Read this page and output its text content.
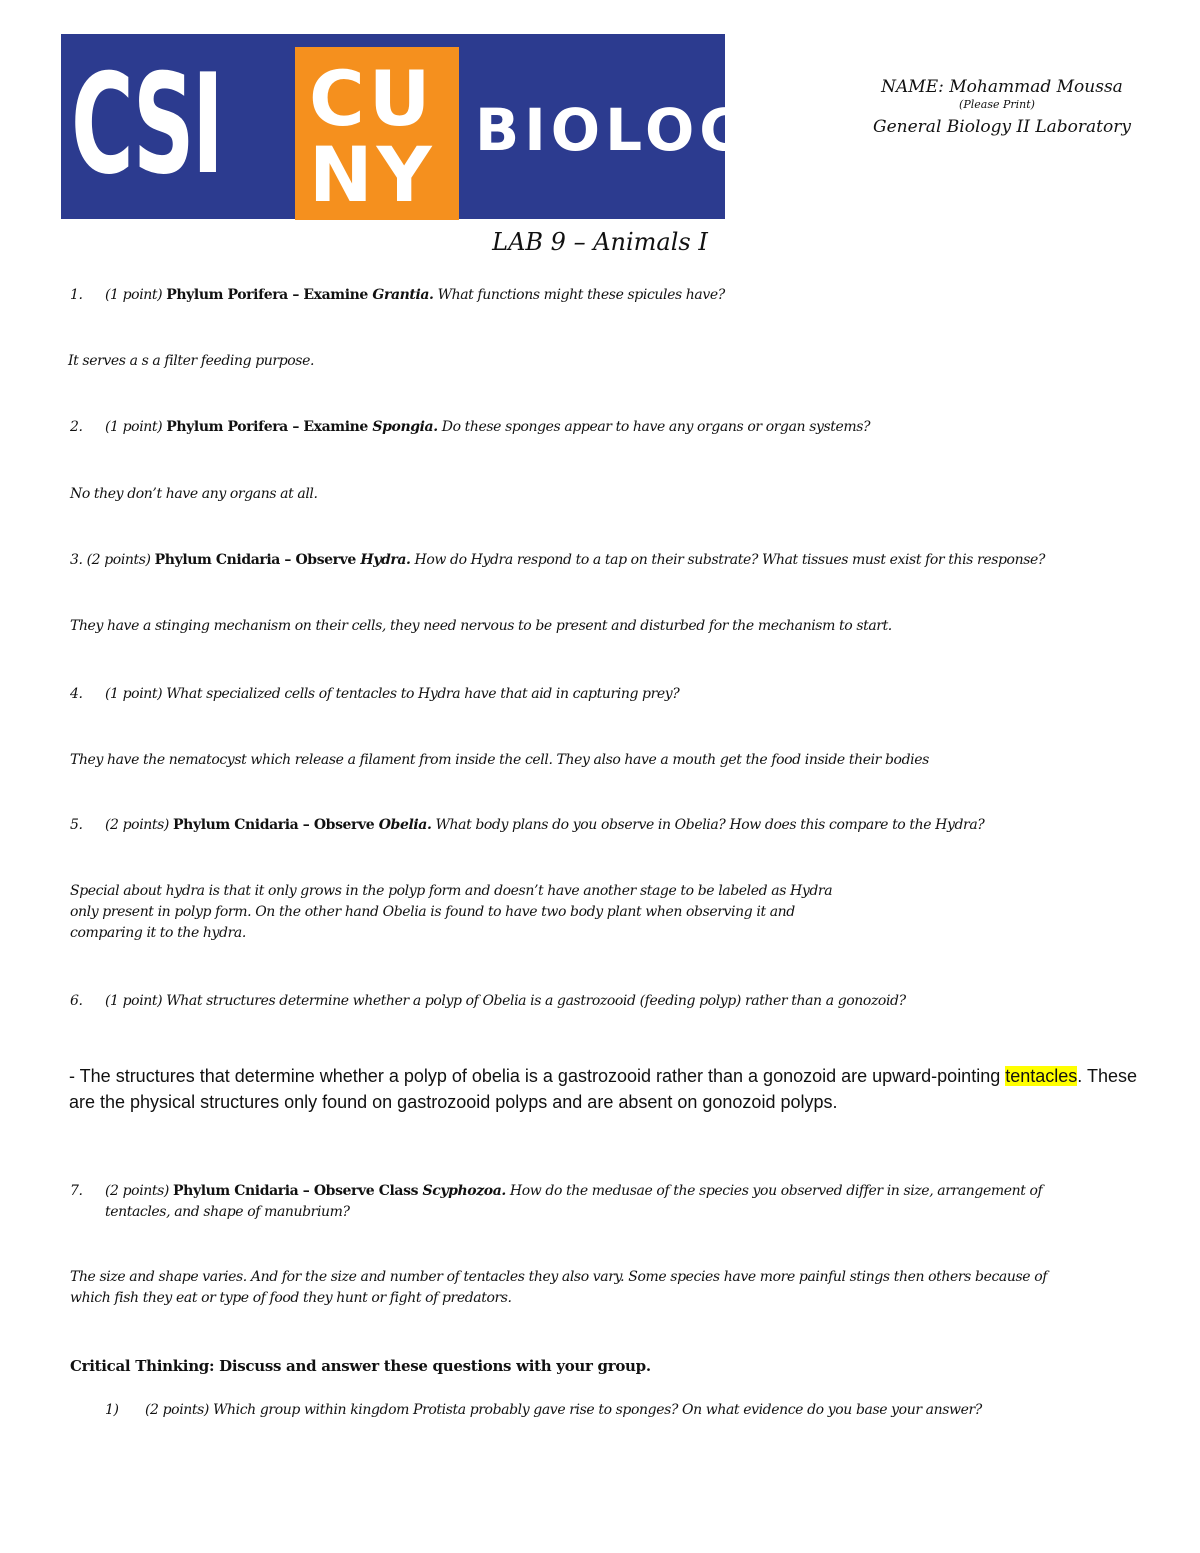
CSI CU
NY BIOLOGY
NAME: Mohammad Moussa
(Please Print)
General Biology II Laboratory
LAB 9 – Animals I
1. (1 point) Phylum Porifera – Examine Grantia. What functions might these spicules have?
It serves a s a filter feeding purpose.
2. (1 point) Phylum Porifera – Examine Spongia. Do these sponges appear to have any organs or organ systems?
No they don’t have any organs at all.
3. (2 points) Phylum Cnidaria – Observe Hydra. How do Hydra respond to a tap on their substrate? What tissues must exist for this response?
They have a stinging mechanism on their cells, they need nervous to be present and disturbed for the mechanism to start.
4. (1 point) What specialized cells of tentacles to Hydra have that aid in capturing prey?
They have the nematocyst which release a filament from inside the cell. They also have a mouth get the food inside their bodies
5. (2 points) Phylum Cnidaria – Observe Obelia. What body plans do you observe in Obelia? How does this compare to the Hydra?
Special about hydra is that it only grows in the polyp form and doesn’t have another stage to be labeled as Hydra
only present in polyp form. On the other hand Obelia is found to have two body plant when observing it and
comparing it to the hydra.
6. (1 point) What structures determine whether a polyp of Obelia is a gastrozooid (feeding polyp) rather than a gonozoid?
- The structures that determine whether a polyp of obelia is a gastrozooid rather than a gonozoid are upward-pointing tentacles. These are the physical structures only found on gastrozooid polyps and are absent on gonozoid polyps.
7. (2 points) Phylum Cnidaria – Observe Class Scyphozoa. How do the medusae of the species you observed differ in size, arrangement of
tentacles, and shape of manubrium?
The size and shape varies. And for the size and number of tentacles they also vary. Some species have more painful stings then others because of
which fish they eat or type of food they hunt or fight of predators.
Critical Thinking: Discuss and answer these questions with your group.
1) (2 points) Which group within kingdom Protista probably gave rise to sponges? On what evidence do you base your answer?
